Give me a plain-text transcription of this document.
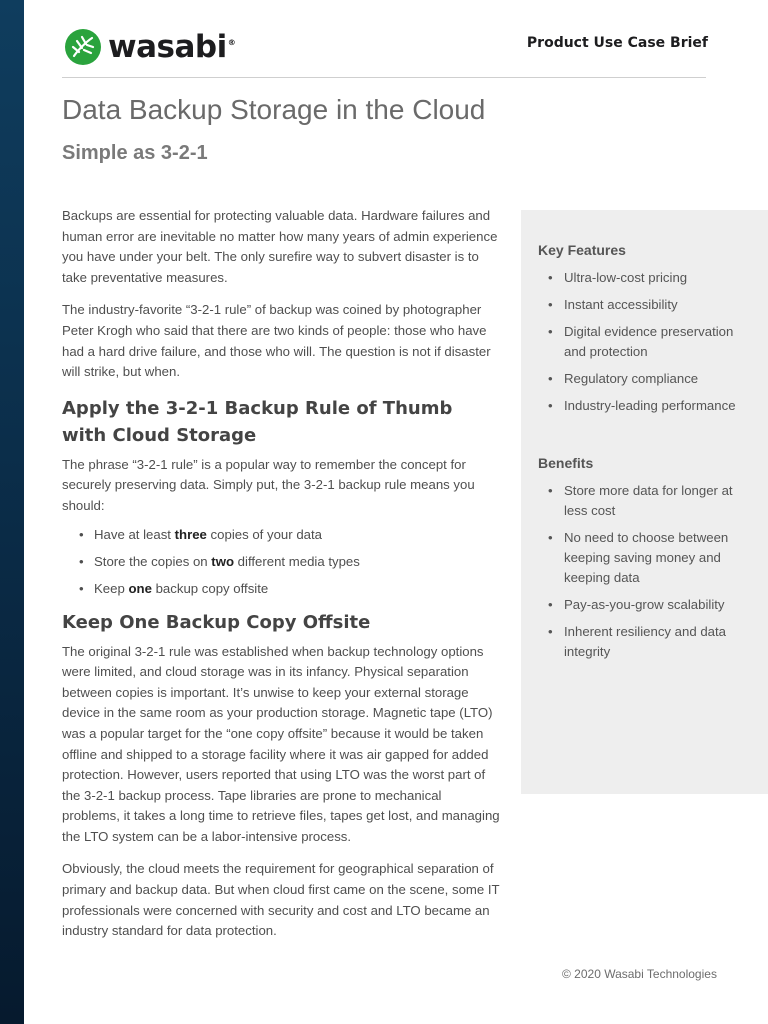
wasabi®	Product Use Case Brief
Data Backup Storage in the Cloud
Simple as 3-2-1

Backups are essential for protecting valuable data. Hardware failures and human error are inevitable no matter how many years of admin experience you have under your belt. The only surefire way to subvert disaster is to take preventative measures.

The industry-favorite “3-2-1 rule” of backup was coined by photographer Peter Krogh who said that there are two kinds of people: those who have had a hard drive failure, and those who will. The question is not if disaster will strike, but when.

Apply the 3-2-1 Backup Rule of Thumb with Cloud Storage

The phrase “3-2-1 rule” is a popular way to remember the concept for securely preserving data. Simply put, the 3-2-1 backup rule means you should:

• Have at least three copies of your data
• Store the copies on two different media types
• Keep one backup copy offsite
Keep One Backup Copy Offsite

The original 3-2-1 rule was established when backup technology options were limited, and cloud storage was in its infancy. Physical separation between copies is important. It’s unwise to keep your external storage device in the same room as your production storage. Magnetic tape (LTO) was a popular target for the “one copy offsite” because it would be taken offline and shipped to a storage facility where it was air gapped for added protection. However, users reported that using LTO was the worst part of the 3-2-1 backup process. Tape libraries are prone to mechanical problems, it takes a long time to retrieve files, tapes get lost, and managing the LTO system can be a labor-intensive process.

Obviously, the cloud meets the requirement for geographical separation of primary and backup data. But when cloud first came on the scene, some IT professionals were concerned with security and cost and LTO became an industry standard for data protection.

Key Features
• Ultra-low-cost pricing
• Instant accessibility
• Digital evidence preservation and protection
• Regulatory compliance
• Industry-leading performance
Benefits
• Store more data for longer at less cost
• No need to choose between keeping saving money and keeping data
• Pay-as-you-grow scalability
• Inherent resiliency and data integrity
© 2020 Wasabi Technologies
